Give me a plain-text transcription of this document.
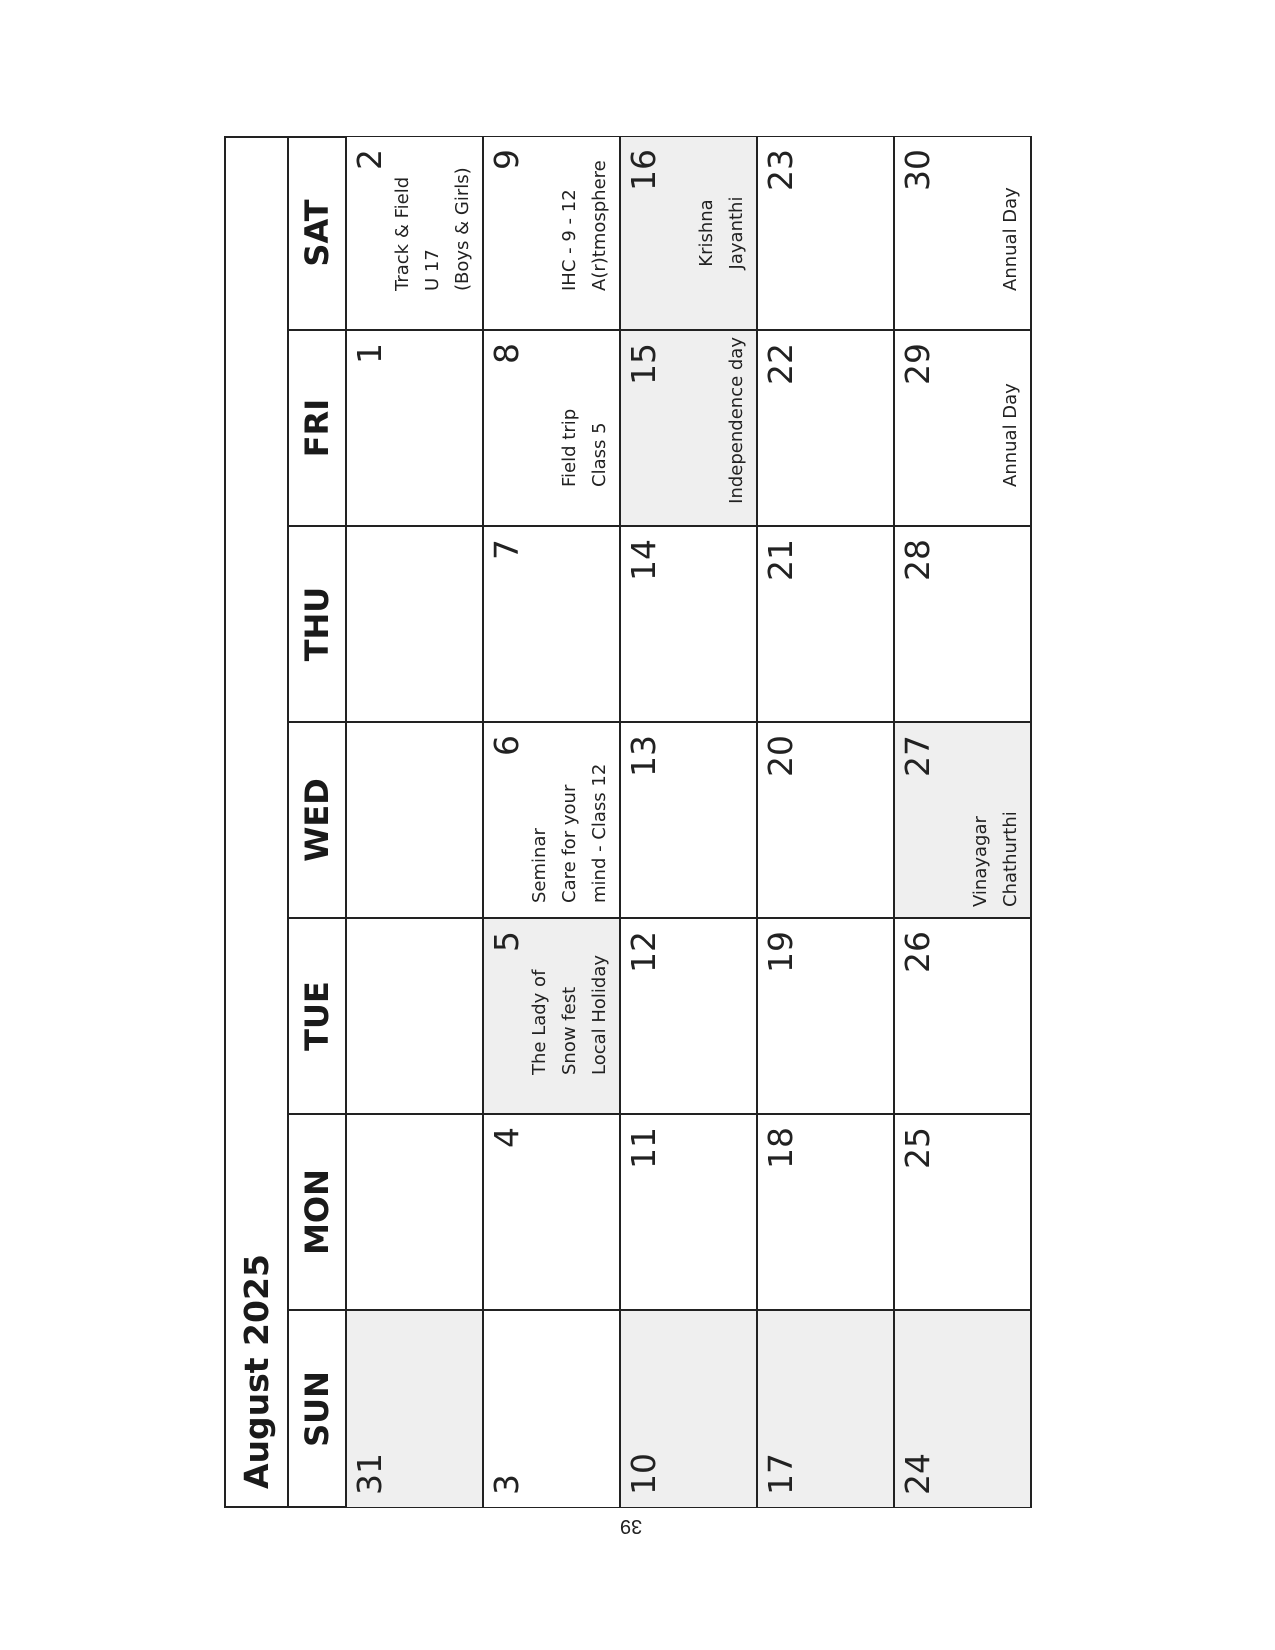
August 2025 SUN
MON
TUE
WED
THU
FRI
SAT
31
1
2
Track & Field U 17 (Boys & Girls)
3
4
5
The Lady of Snow fest Local Holiday
6
Seminar Care for your mind - Class 12
7
8
Field trip Class 5
9
IHC - 9 - 12 A(r)tmosphere
10
11
12
13
14
15	Independence day
16
Krishna Jayanthi
17
18
19
20
21
22
23
24
25
26
27
Vinayagar Chathurthi
28
29
Annual Day
30
Annual Day
39
